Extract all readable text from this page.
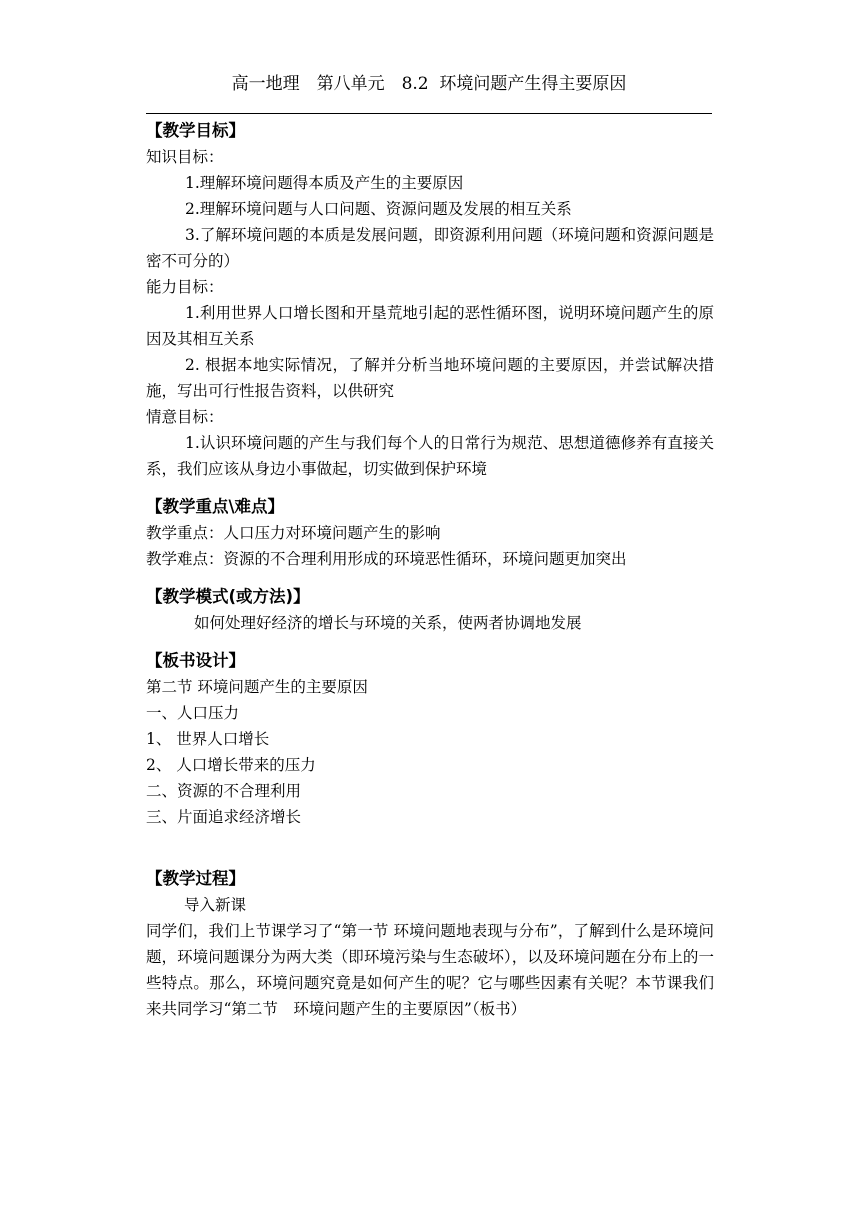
高一地理　第八单元　8.2  环境问题产生得主要原因

【教学目标】

知识目标：

1.理解环境问题得本质及产生的主要原因

2.理解环境问题与人口问题、资源问题及发展的相互关系

3.了解环境问题的本质是发展问题，即资源利用问题（环境问题和资源问题是密不可分的）

能力目标：

1.利用世界人口增长图和开垦荒地引起的恶性循环图，说明环境问题产生的原因及其相互关系

2. 根据本地实际情况，了解并分析当地环境问题的主要原因，并尝试解决措施，写出可行性报告资料，以供研究

情意目标：

1.认识环境问题的产生与我们每个人的日常行为规范、思想道德修养有直接关系，我们应该从身边小事做起，切实做到保护环境

【教学重点\难点】

教学重点：人口压力对环境问题产生的影响

教学难点：资源的不合理利用形成的环境恶性循环，环境问题更加突出

【教学模式(或方法)】

如何处理好经济的增长与环境的关系，使两者协调地发展

【板书设计】

第二节 环境问题产生的主要原因

一、人口压力

1、 世界人口增长

2、 人口增长带来的压力

二、资源的不合理利用

三、片面追求经济增长

【教学过程】

导入新课

同学们，我们上节课学习了“第一节 环境问题地表现与分布”，了解到什么是环境问题，环境问题课分为两大类（即环境污染与生态破坏），以及环境问题在分布上的一些特点。那么，环境问题究竟是如何产生的呢？它与哪些因素有关呢？本节课我们来共同学习“第二节　环境问题产生的主要原因”（板书）
